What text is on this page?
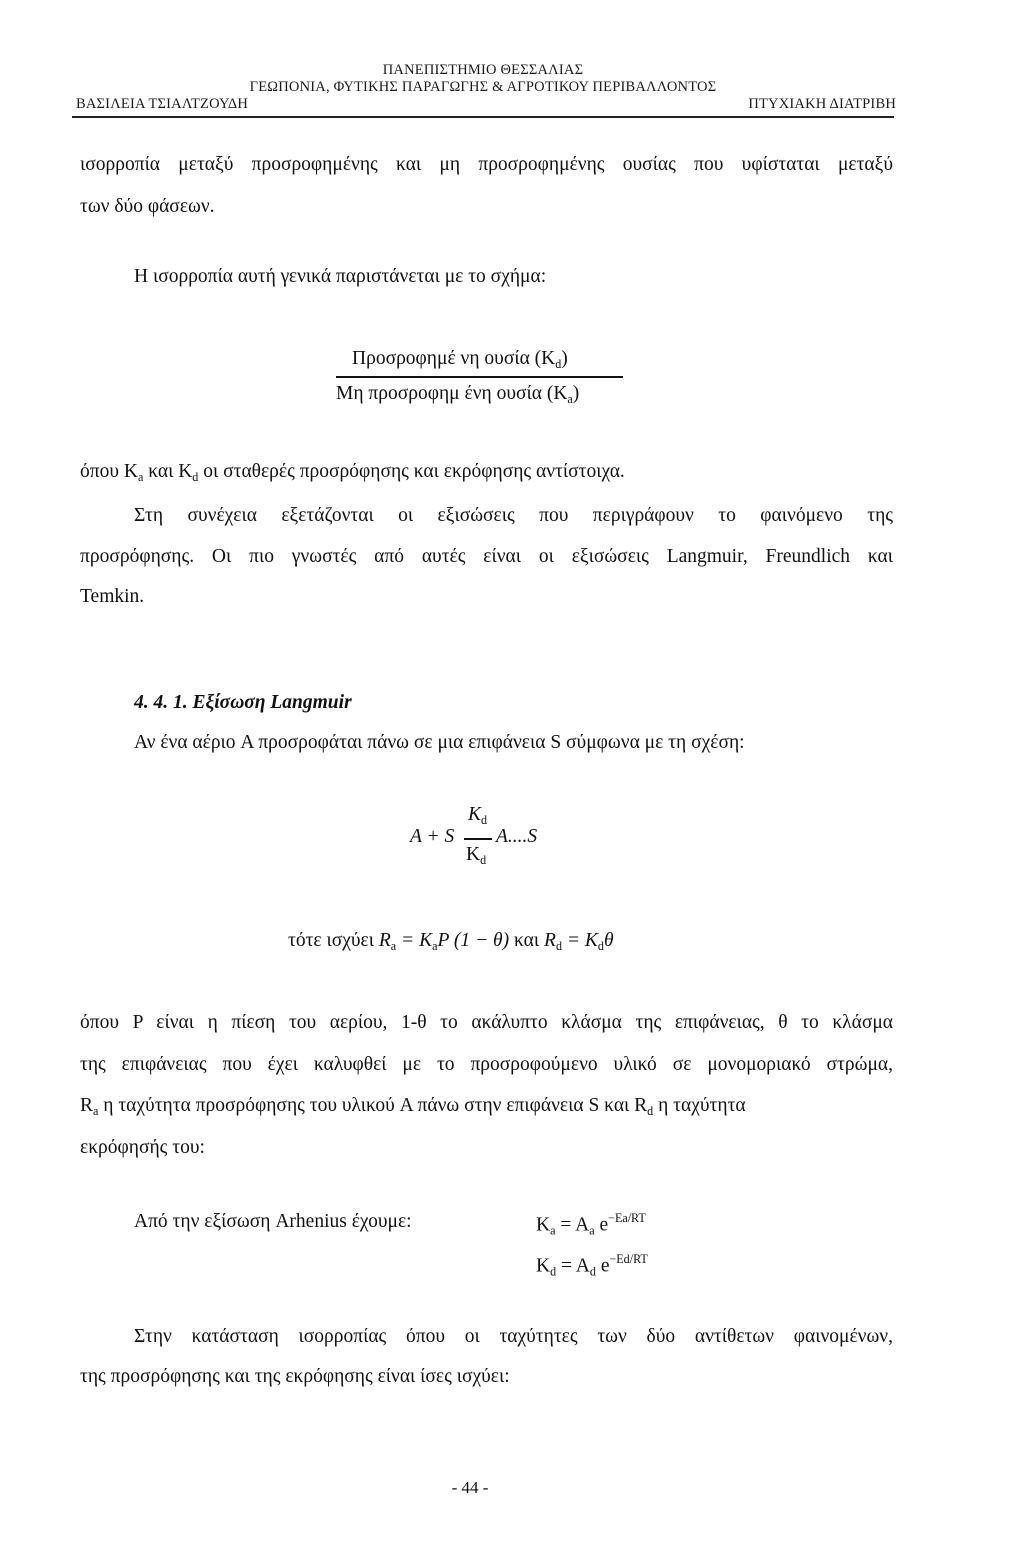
ΠΑΝΕΠΙΣΤΗΜΙΟ ΘΕΣΣΑΛΙΑΣ
ΓΕΩΠΟΝΙΑ, ΦΥΤΙΚΗΣ ΠΑΡΑΓΩΓΗΣ & ΑΓΡΟΤΙΚΟΥ ΠΕΡΙΒΑΛΛΟΝΤΟΣ
ΒΑΣΙΛΕΙΑ ΤΣΙΑΛΤΖΟΥΔΗ	ΠΤΥΧΙΑΚΗ ΔΙΑΤΡΙΒΗ
ισορροπία μεταξύ προσροφημένης και μη προσροφημένης ουσίας που υφίσταται μεταξύ
των δύο φάσεων.
Η ισορροπία αυτή γενικά παριστάνεται με το σχήμα:
Προσροφημέ νη ουσία $(K_d)$
Μη προσροφημ ένη ουσία $(K_a)$
όπου $K_a$ και $K_d$ οι σταθερές προσρόφησης και εκρόφησης αντίστοιχα.
Στη συνέχεια εξετάζονται οι εξισώσεις που περιγράφουν το φαινόμενο της
προσρόφησης. Οι πιο γνωστές από αυτές είναι οι εξισώσεις Langmuir, Freundlich και
Temkin.
4. 4. 1. Εξίσωση Langmuir
Αν ένα αέριο A προσροφάται πάνω σε μια επιφάνεια S σύμφωνα με τη σχέση:
A + S
$K_d$
$K_d$
A....S
τότε ισχύει $R_a = K_aP$ (1 − θ) και $R_d = K_d\theta$
όπου P είναι η πίεση του αερίου, 1-θ το ακάλυπτο κλάσμα της επιφάνειας, θ το κλάσμα
της επιφάνειας που έχει καλυφθεί με το προσροφούμενο υλικό σε μονομοριακό στρώμα,
$R_a$ η ταχύτητα προσρόφησης του υλικού A πάνω στην επιφάνεια S και $R_d$ η ταχύτητα
εκρόφησής του:
Από την εξίσωση Arhenius έχουμε:	$K_a = A_a$ $e^{-Ea/RT}$
$K_d = A_d$ $e^{-Ed/RT}$
Στην κατάσταση ισορροπίας όπου οι ταχύτητες των δύο αντίθετων φαινομένων,
της προσρόφησης και της εκρόφησης είναι ίσες ισχύει:
- 44 -
